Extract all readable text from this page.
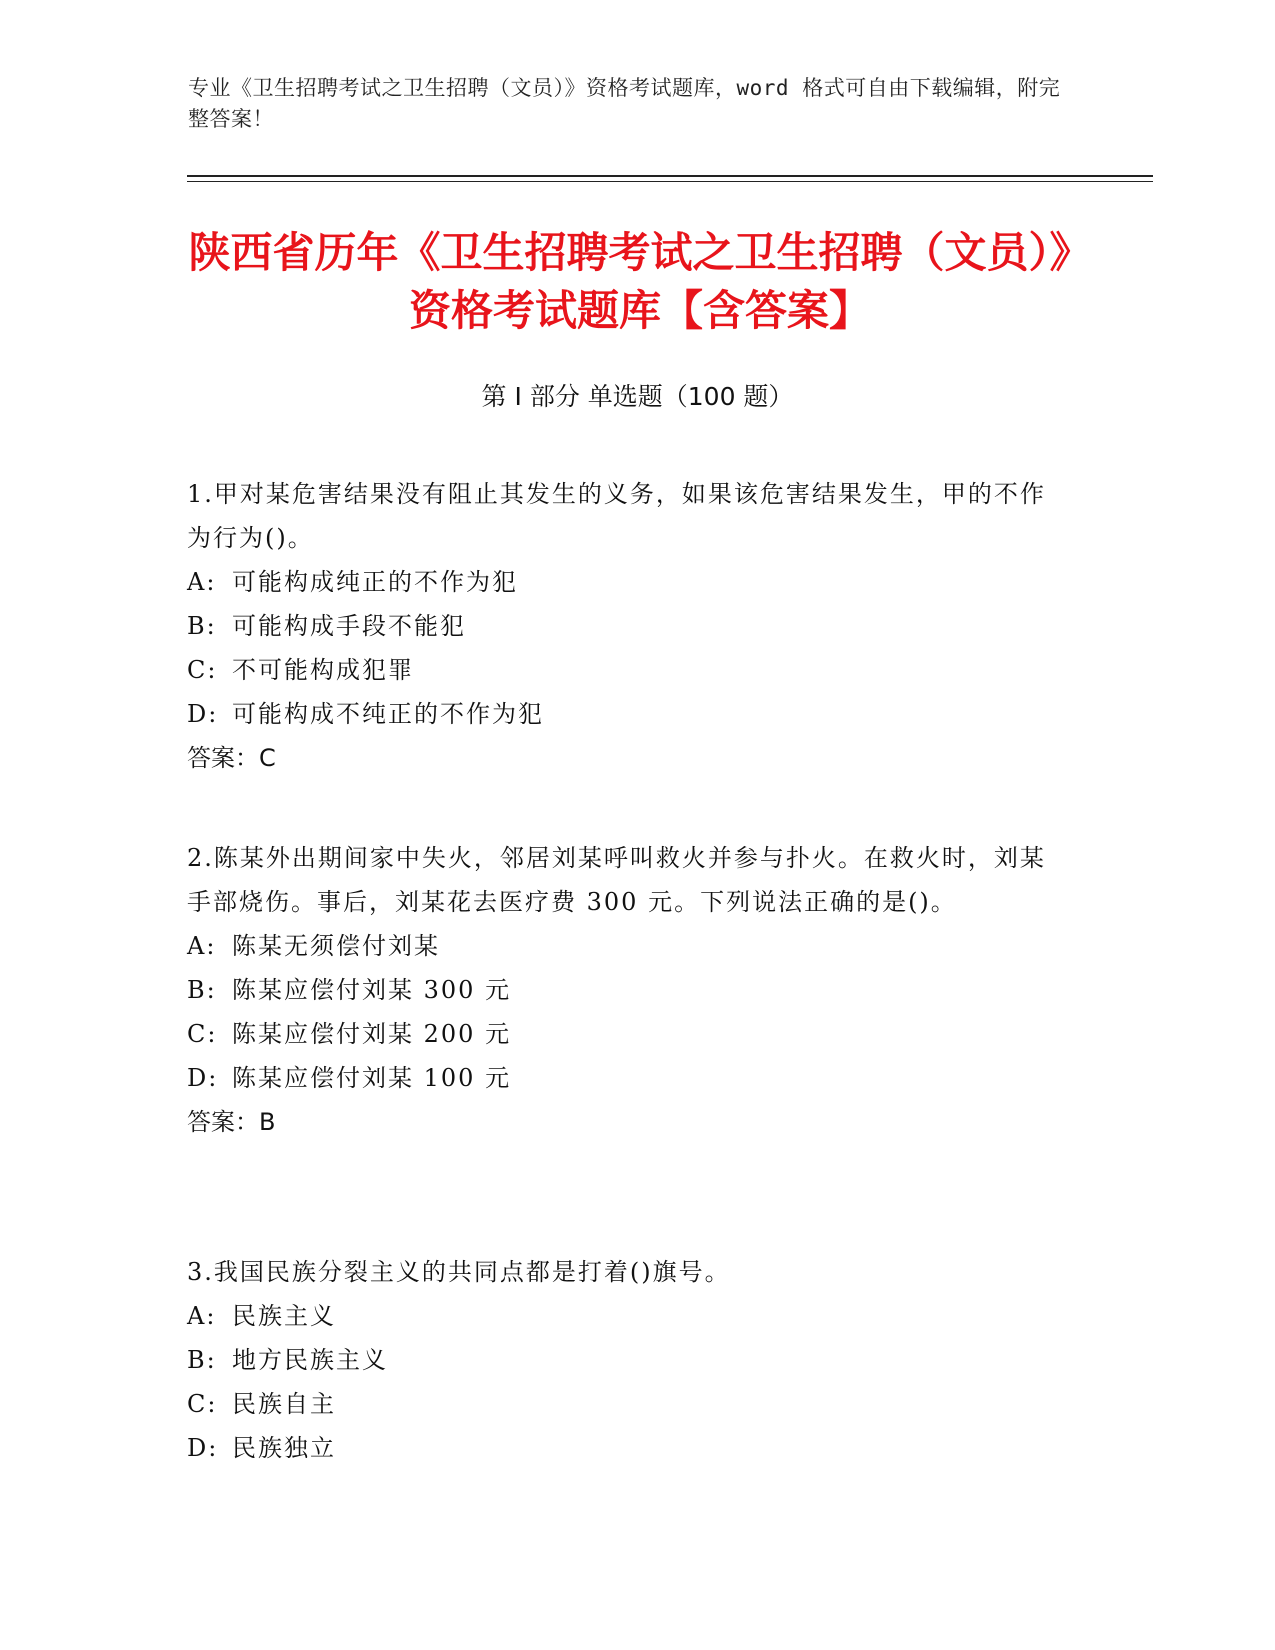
专业《卫生招聘考试之卫生招聘（文员）》资格考试题库，word 格式可自由下载编辑，附完整答案！
陕西省历年《卫生招聘考试之卫生招聘（文员）》资格考试题库【含答案】
第 I 部分 单选题（100 题）

1.甲对某危害结果没有阻止其发生的义务，如果该危害结果发生，甲的不作为行为()。

A: 可能构成纯正的不作为犯

B: 可能构成手段不能犯

C: 不可能构成犯罪

D: 可能构成不纯正的不作为犯

答案：C

2.陈某外出期间家中失火，邻居刘某呼叫救火并参与扑火。在救火时，刘某手部烧伤。事后，刘某花去医疗费 300 元。下列说法正确的是()。

A: 陈某无须偿付刘某

B: 陈某应偿付刘某 300 元

C: 陈某应偿付刘某 200 元

D: 陈某应偿付刘某 100 元

答案：B

3.我国民族分裂主义的共同点都是打着()旗号。

A: 民族主义

B: 地方民族主义

C: 民族自主

D: 民族独立
